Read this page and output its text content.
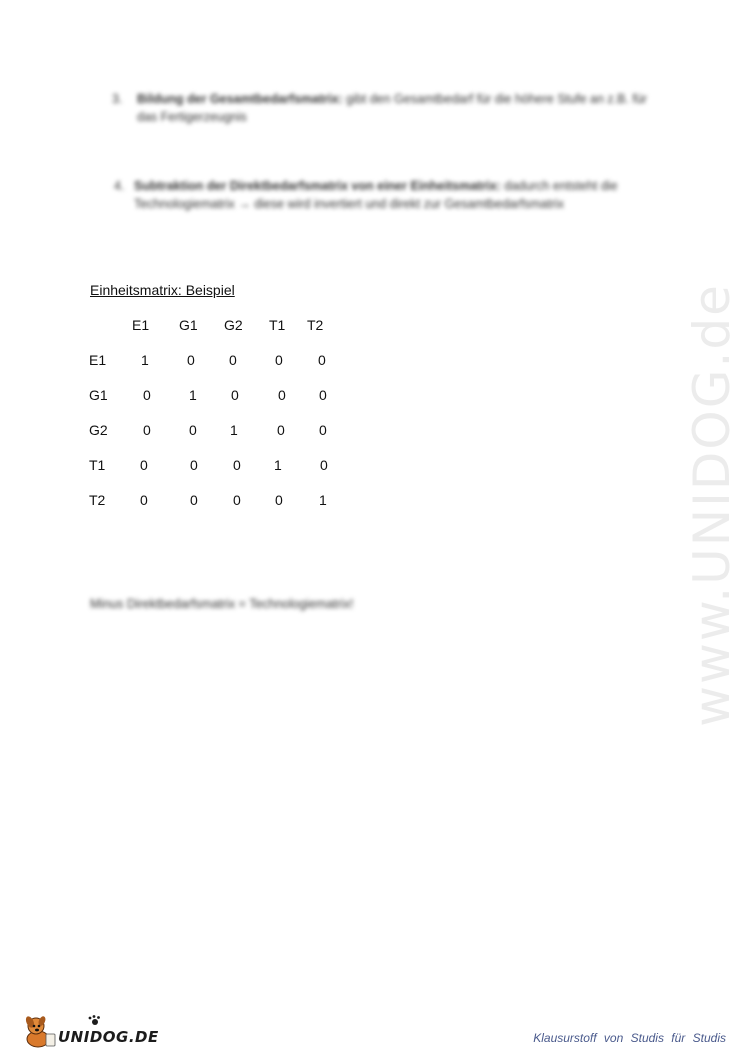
3. Bildung der Gesamtbedarfsmatrix: gibt den Gesamtbedarf für die höhere Stufe an z.B. für das Fertigerzeugnis
4. Subtraktion der Direktbedarfsmatrix von einer Einheitsmatrix: dadurch entsteht die Technologiematrix → diese wird invertiert und direkt zur Gesamtbedarfsmatrix
Einheitsmatrix: Beispiel
E1 G1 G2 T1 T2
E1 1	0 0	0	0
G1	0	1 0	0 0
G2	0	0 1	0 0
T1 0	0	0 1	0
T2 0	0	0 0	1
Minus Direktbedarfsmatrix = Technologiematrix!	www.UNIDOG.de
UNIDOG.DE	Klausurstoff von Studis für Studis
